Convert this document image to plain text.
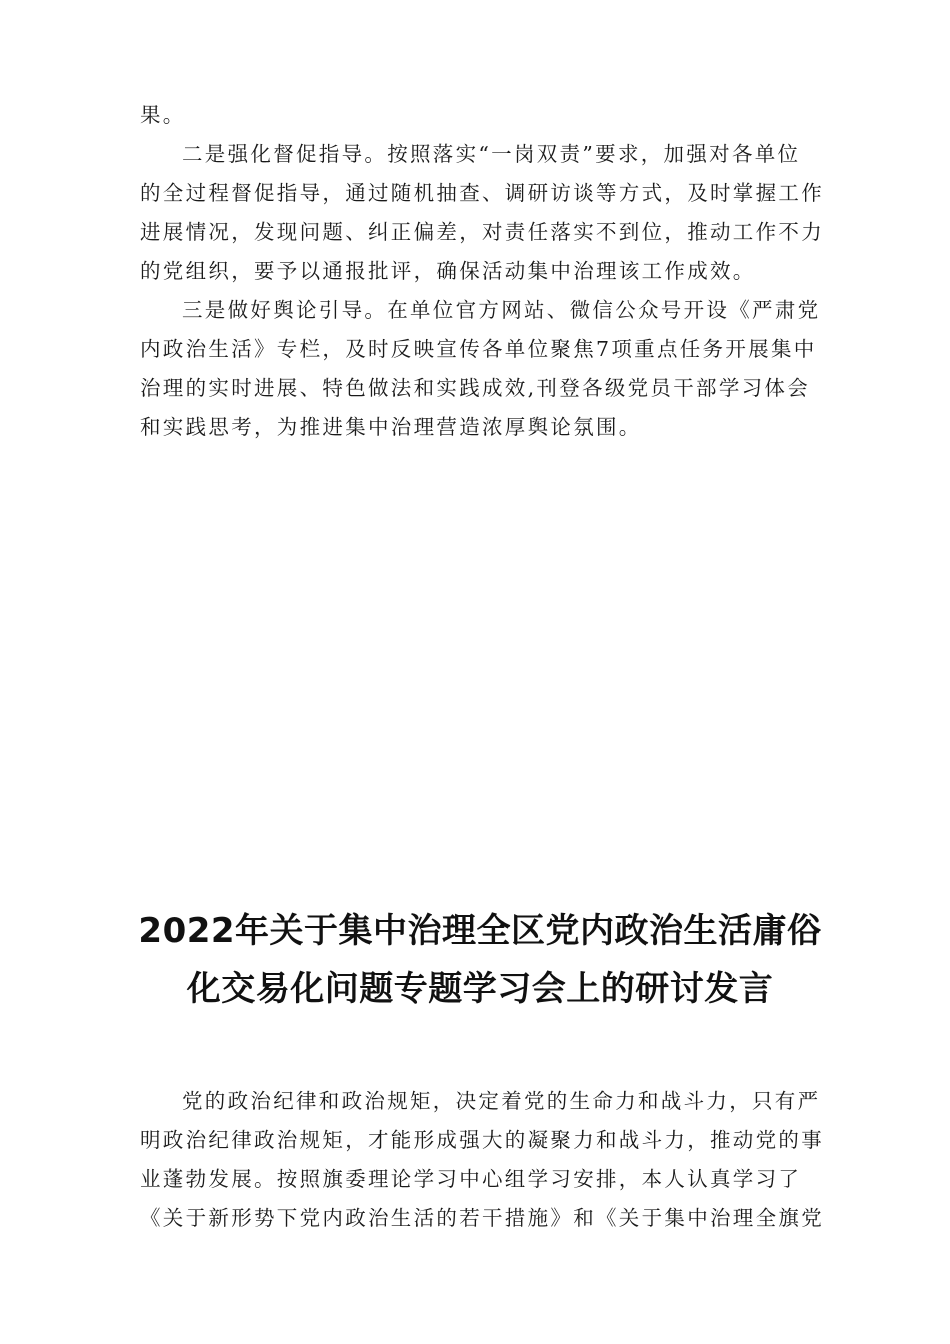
果。
二是强化督促指导。按照落实“一岗双责”要求，加强对各单位
的全过程督促指导，通过随机抽查、调研访谈等方式，及时掌握工作
进展情况，发现问题、纠正偏差，对责任落实不到位，推动工作不力
的党组织，要予以通报批评，确保活动集中治理该工作成效。
三是做好舆论引导。在单位官方网站、微信公众号开设《严肃党
内政治生活》专栏，及时反映宣传各单位聚焦7项重点任务开展集中
治理的实时进展、特色做法和实践成效,刊登各级党员干部学习体会
和实践思考，为推进集中治理营造浓厚舆论氛围。
2022年关于集中治理全区党内政治生活庸俗
化交易化问题专题学习会上的研讨发言
党的政治纪律和政治规矩，决定着党的生命力和战斗力，只有严
明政治纪律政治规矩，才能形成强大的凝聚力和战斗力，推动党的事
业蓬勃发展。按照旗委理论学习中心组学习安排，本人认真学习了
《关于新形势下党内政治生活的若干措施》和《关于集中治理全旗党
